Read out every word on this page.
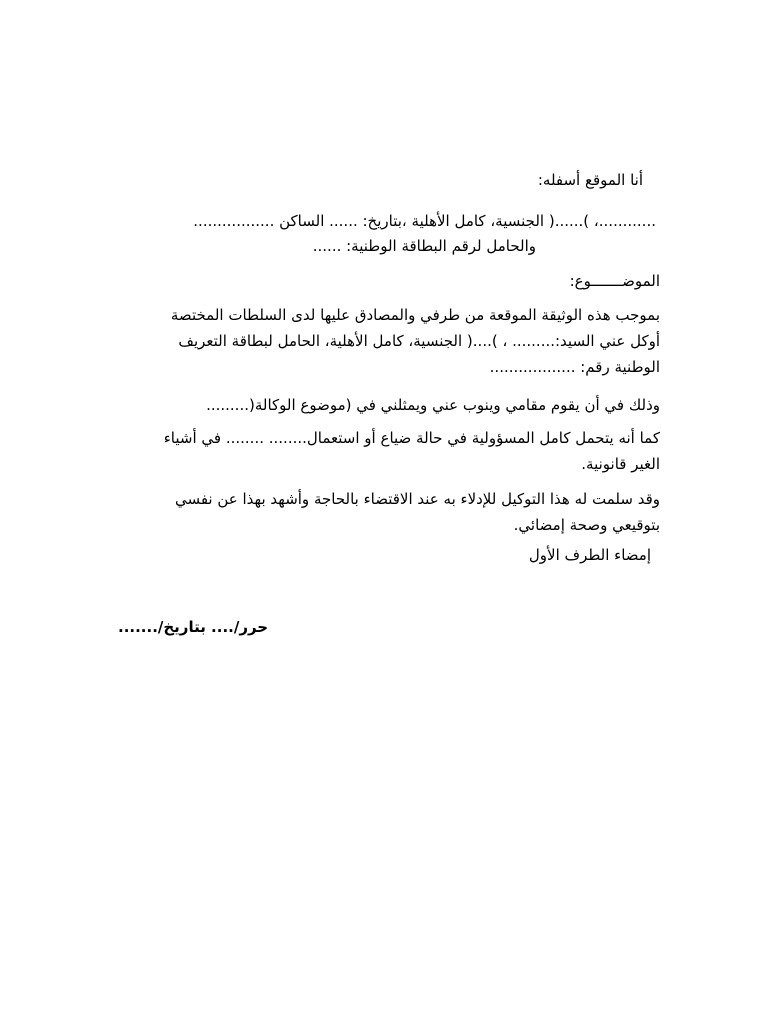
أنا الموقع أسفله:
............، )......( الجنسية، كامل الأهلية ،بتاريخ: ...... الساكن .................
والحامل لرقم البطاقة الوطنية: ......
الموضـــــــوع:
بموجب هذه الوثيقة الموقعة من طرفي والمصادق عليها لدى السلطات المختصة
أوكل عني السيد:......... ، )....( الجنسية، كامل الأهلية، الحامل لبطاقة التعريف
الوطنية رقم: ..................
وذلك في أن يقوم مقامي وينوب عني ويمثلني في (موضوع الوكالة(.........
كما أنه يتحمل كامل المسؤولية في حالة ضياع أو استعمال........ ........ في أشياء
الغير قانونية.
وقد سلمت له هذا التوكيل للإدلاء به عند الاقتضاء بالحاجة وأشهد بهذا عن نفسي
بتوقيعي وصحة إمضائي.
إمضاء الطرف الأول
حرر/.... بتاريخ/.......
